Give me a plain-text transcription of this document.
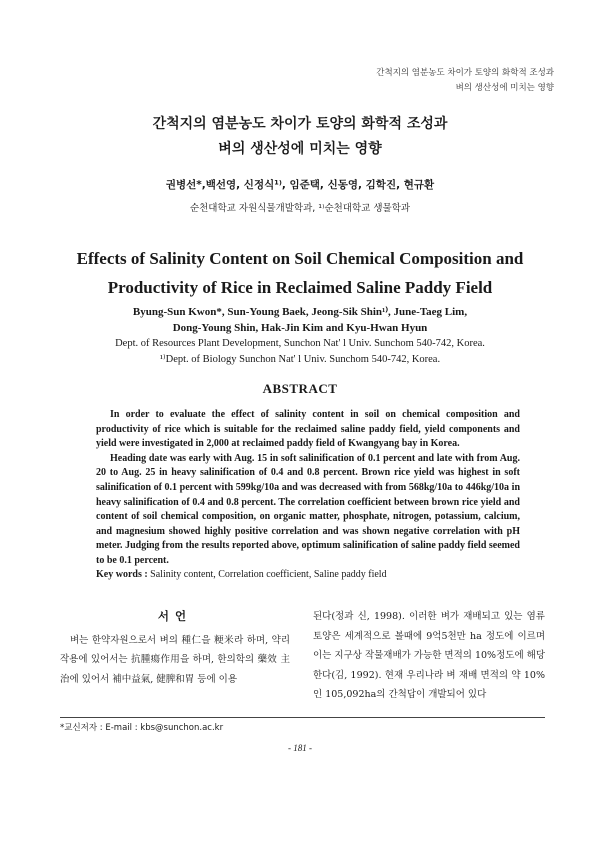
간척지의 염분농도 차이가 토양의 화학적 조성과
벼의 생산성에 미치는 영향
간척지의 염분농도 차이가 토양의 화학적 조성과
벼의 생산성에 미치는 영향
권병선*,백선영, 신정식¹⁾, 임준택, 신동영, 김학진, 현규환
순천대학교 자원식물개발학과, ¹⁾순천대학교 생물학과
Effects of Salinity Content on Soil Chemical Composition and
Productivity of Rice in Reclaimed Saline Paddy Field
Byung-Sun Kwon*, Sun-Young Baek, Jeong-Sik Shin¹⁾, June-Taeg Lim,
Dong-Young Shin, Hak-Jin Kim and Kyu-Hwan Hyun
Dept. of Resources Plant Development, Sunchon Nat' l Univ. Sunchom 540-742, Korea.
¹⁾Dept. of Biology Sunchon Nat' l Univ. Sunchom 540-742, Korea.
ABSTRACT

In order to evaluate the effect of salinity content in soil on chemical composition and productivity of rice which is suitable for the reclaimed saline paddy field, yield components and yield were investigated in 2,000 at reclaimed paddy field of Kwangyang bay in Korea.

Heading date was early with Aug. 15 in soft salinification of 0.1 percent and late with from Aug. 20 to Aug. 25 in heavy salinification of 0.4 and 0.8 percent. Brown rice yield was highest in soft salinification of 0.1 percent with 599kg/10a and was decreased with from 568kg/10a to 446kg/10a in heavy salinification of 0.4 and 0.8 percent. The correlation coefficient between brown rice yield and content of soil chemical composition, on organic matter, phosphate, nitrogen, potassium, calcium, and magnesium showed highly positive correlation and was shown negative correlation with pH meter. Judging from the results reported above, optimum salinification of saline paddy field seemed to be 0.1 percent.

Key words : Salinity content, Correlation coefficient, Saline paddy field
서언

벼는 한약자원으로서 벼의 種仁을 粳米라 하며, 약리작용에 있어서는 抗腫瘍作用을 하며, 한의학의 藥效 主治에 있어서 補中益氣, 健脾和胃 등에 이용

된다(정과 신, 1998). 이러한 벼가 재배되고 있는 염류토양은 세계적으로 볼때에 9억5천만 ha 정도에 이르며 이는 지구상 작물재배가 가능한 면적의 10%정도에 해당한다(김, 1992). 현재 우리나라 벼 재배 면적의 약 10%인 105,092ha의 간척답이 개발되어 있다

*교신저자 : E-mail : kbs@sunchon.ac.kr
- 181 -
